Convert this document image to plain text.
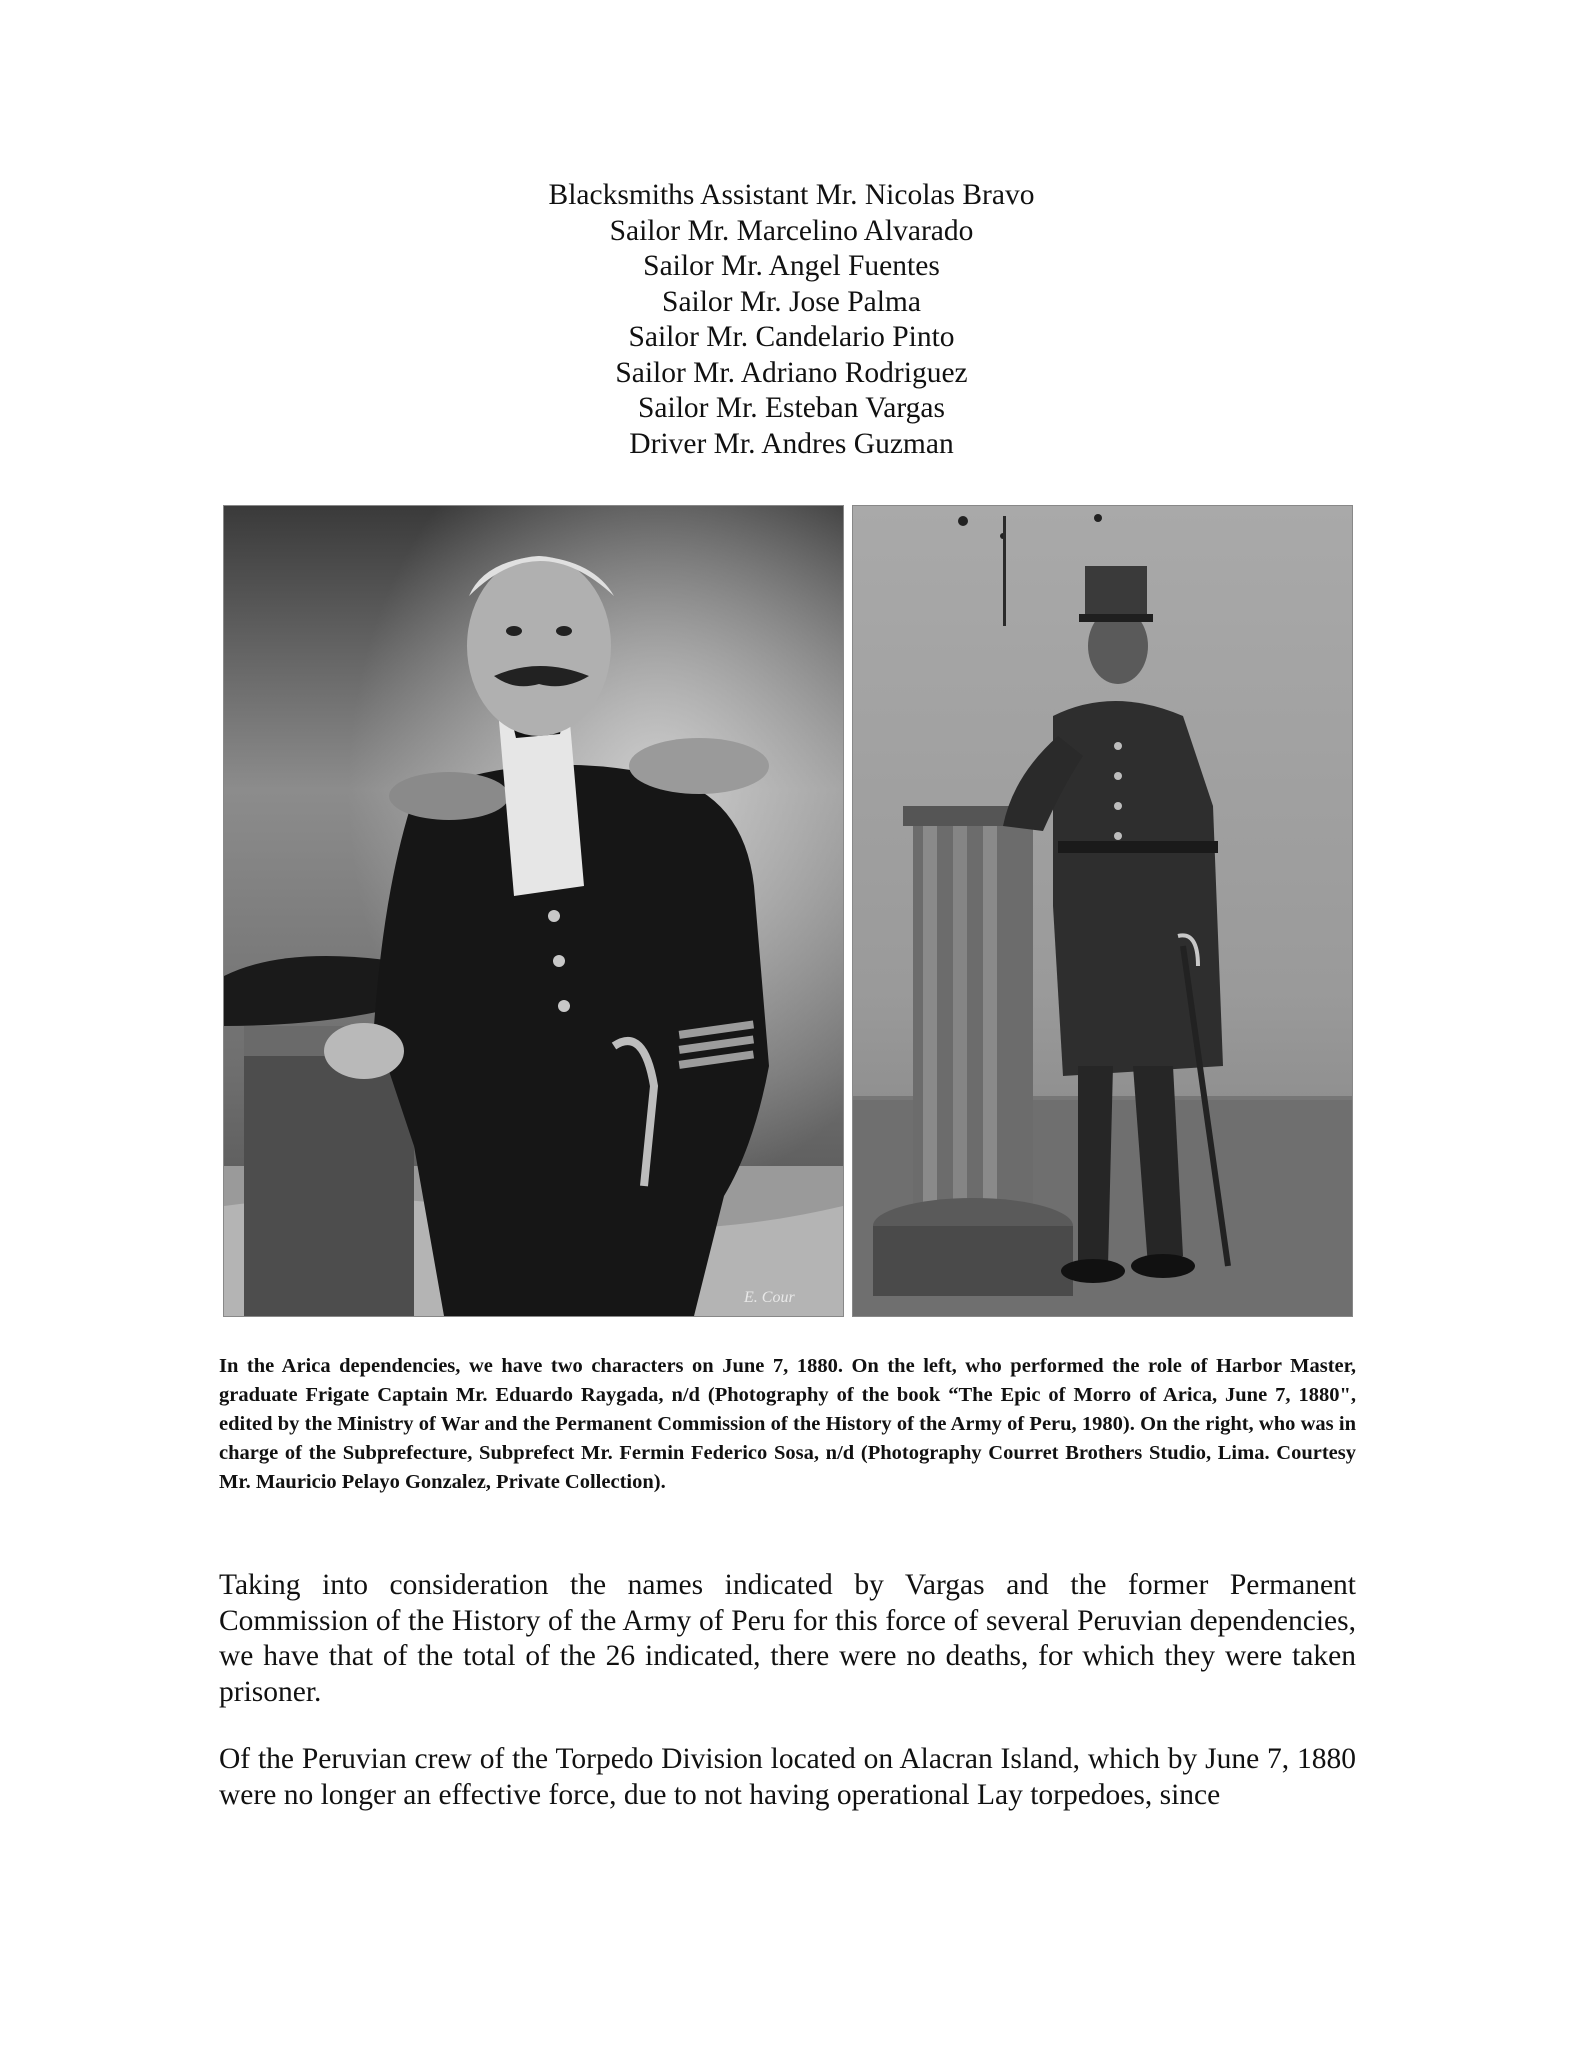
Blacksmiths Assistant Mr. Nicolas Bravo
Sailor Mr. Marcelino Alvarado
Sailor Mr. Angel Fuentes
Sailor Mr. Jose Palma
Sailor Mr. Candelario Pinto
Sailor Mr. Adriano Rodriguez
Sailor Mr. Esteban Vargas
Driver Mr. Andres Guzman
E. Cour

In the Arica dependencies, we have two characters on June 7, 1880. On the left, who performed the role of Harbor Master, graduate Frigate Captain Mr. Eduardo Raygada, n/d (Photography of the book “The Epic of Morro of Arica, June 7, 1880", edited by the Ministry of War and the Permanent Commission of the History of the Army of Peru, 1980). On the right, who was in charge of the Subprefecture, Subprefect Mr. Fermin Federico Sosa, n/d (Photography Courret Brothers Studio, Lima. Courtesy Mr. Mauricio Pelayo Gonzalez, Private Collection).

Taking into consideration the names indicated by Vargas and the former Permanent Commission of the History of the Army of Peru for this force of several Peruvian dependencies, we have that of the total of the 26 indicated, there were no deaths, for which they were taken prisoner.

Of the Peruvian crew of the Torpedo Division located on Alacran Island, which by June 7, 1880 were no longer an effective force, due to not having operational Lay torpedoes, since
